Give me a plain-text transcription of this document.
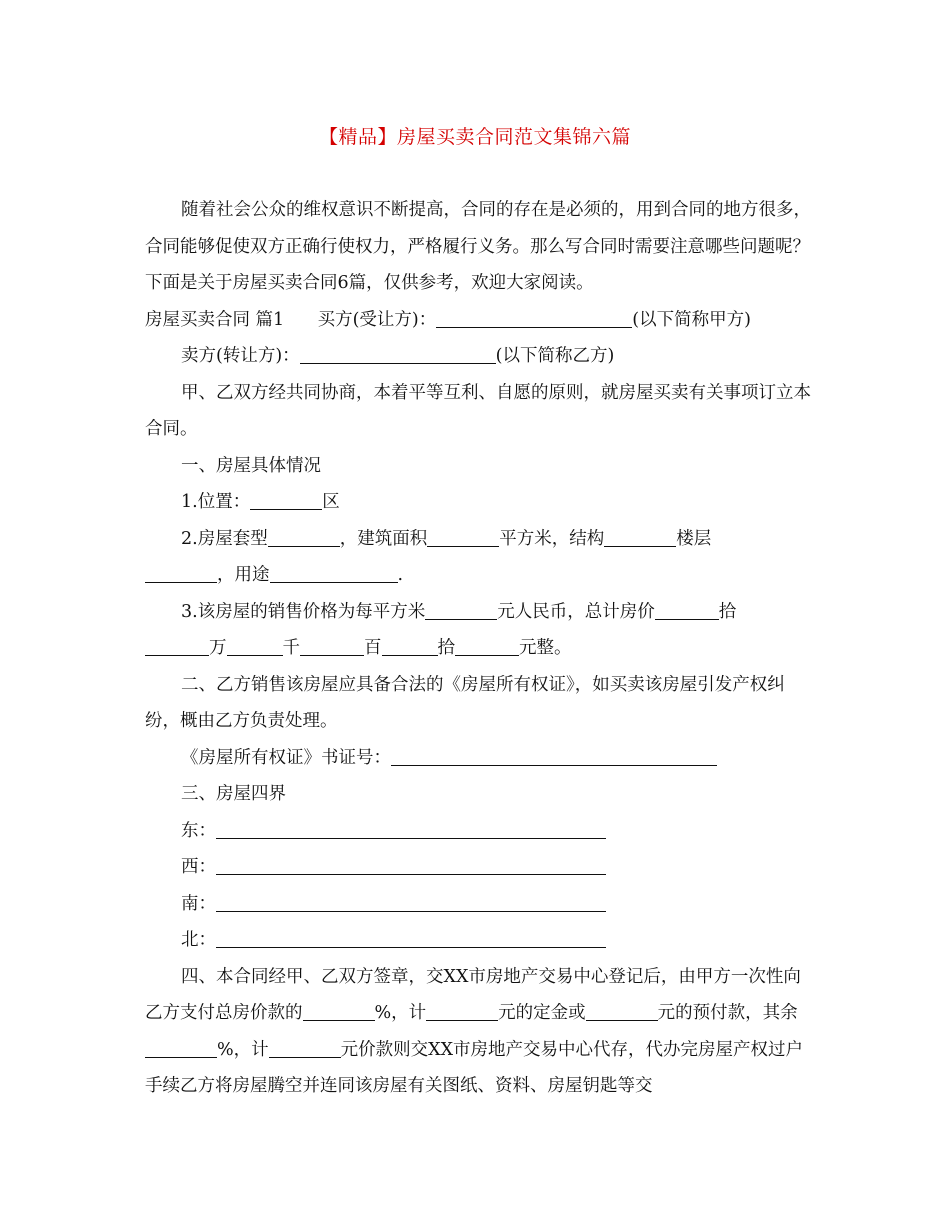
【精品】房屋买卖合同范文集锦六篇

随着社会公众的维权意识不断提高，合同的存在是必须的，用到合同的地方很多，合同能够促使双方正确行使权力，严格履行义务。那么写合同时需要注意哪些问题呢？下面是关于房屋买卖合同6篇，仅供参考，欢迎大家阅读。

房屋买卖合同 篇1 买方(受让方)：	(以下简称甲方)
卖方(转让方)：	(以下简称乙方)

甲、乙双方经共同协商，本着平等互利、自愿的原则，就房屋买卖有关事项订立本合同。

一、房屋具体情况
1.位置：	区
2.房屋套型	，建筑面积	平方米，结构	楼层
，用途	.
3.该房屋的销售价格为每平方米	元人民币，总计房价	拾
万	千	百	拾	元整。

二、乙方销售该房屋应具备合法的《房屋所有权证》，如买卖该房屋引发产权纠纷，概由乙方负责处理。

《房屋所有权证》书证号：
三、房屋四界
东：
西：
南：
北：

四、本合同经甲、乙双方签章，交XX市房地产交易中心登记后，由甲方一次性向乙方支付总房价款的	%，计	元的定金或	元的预付款，其余%，计	元价款则交XX市房地产交易中心代存，代办完房屋产权过户手续乙方将房屋腾空并连同该房屋有关图纸、资料、房屋钥匙等交
